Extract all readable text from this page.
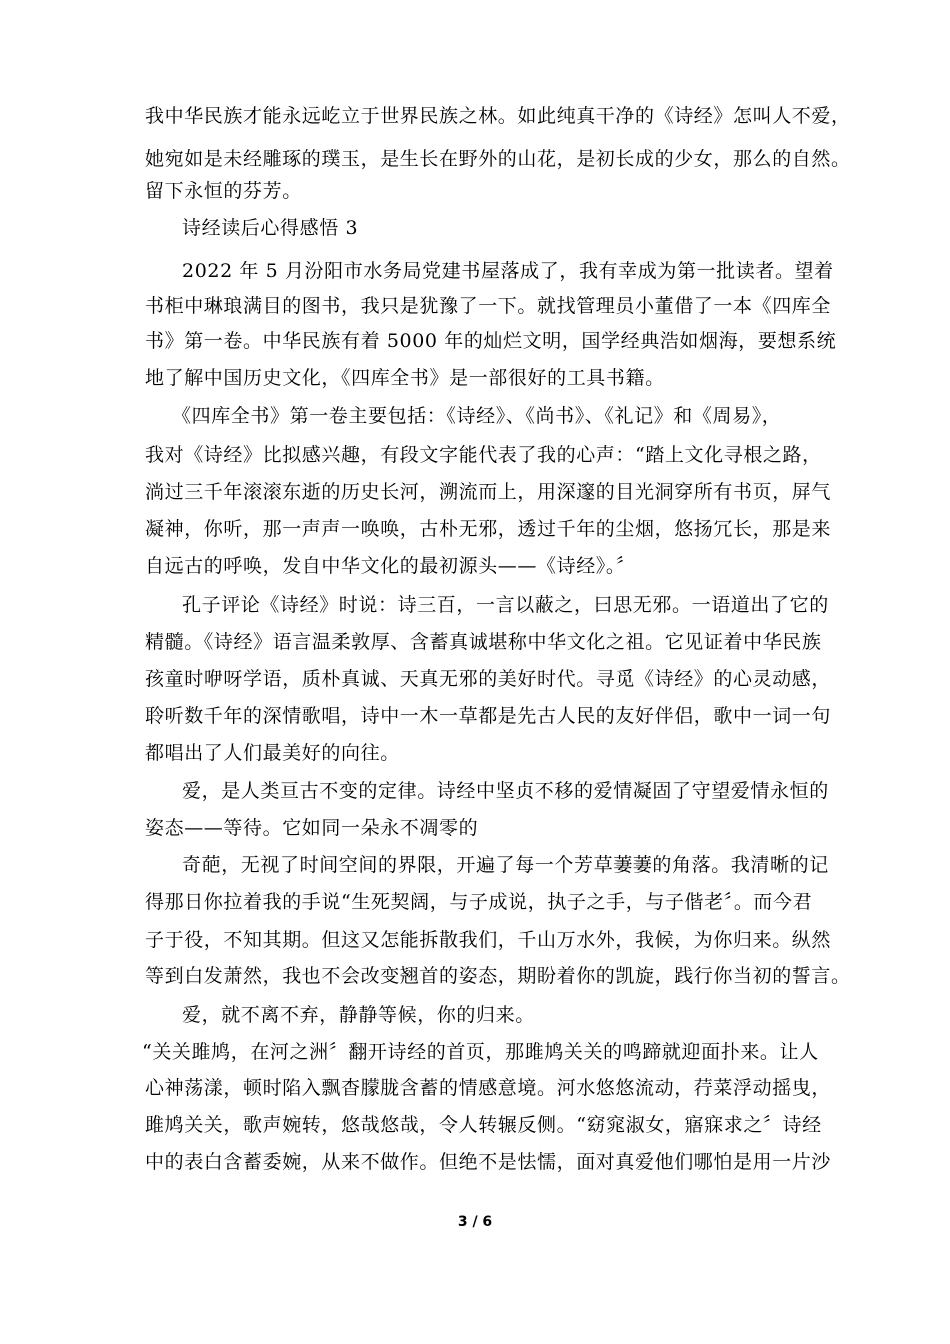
我中华民族才能永远屹立于世界民族之林。如此纯真干净的《诗经》怎叫人不爱，
她宛如是未经雕琢的璞玉，是生长在野外的山花，是初长成的少女，那么的自然。
留下永恒的芬芳。
诗经读后心得感悟 3
2022 年 5 月汾阳市水务局党建书屋落成了，我有幸成为第一批读者。望着
书柜中琳琅满目的图书，我只是犹豫了一下。就找管理员小董借了一本《四库全
书》第一卷。中华民族有着 5000 年的灿烂文明，国学经典浩如烟海，要想系统
地了解中国历史文化，《四库全书》是一部很好的工具书籍。
《四库全书》第一卷主要包括：《诗经》、《尚书》、《礼记》和《周易》，
我对《诗经》比拟感兴趣，有段文字能代表了我的心声：“踏上文化寻根之路，
淌过三千年滚滚东逝的历史长河，溯流而上，用深邃的目光洞穿所有书页，屏气
凝神，你听，那一声声一唤唤，古朴无邪，透过千年的尘烟，悠扬冗长，那是来
自远古的呼唤，发自中华文化的最初源头——《诗经》。〞
孔子评论《诗经》时说：诗三百，一言以蔽之，曰思无邪。一语道出了它的
精髓。《诗经》语言温柔敦厚、含蓄真诚堪称中华文化之祖。它见证着中华民族
孩童时咿呀学语，质朴真诚、天真无邪的美好时代。寻觅《诗经》的心灵动感，
聆听数千年的深情歌唱，诗中一木一草都是先古人民的友好伴侣，歌中一词一句
都唱出了人们最美好的向往。
爱，是人类亘古不变的定律。诗经中坚贞不移的爱情凝固了守望爱情永恒的
姿态——等待。它如同一朵永不凋零的
奇葩，无视了时间空间的界限，开遍了每一个芳草萋萋的角落。我清晰的记
得那日你拉着我的手说“生死契阔，与子成说，执子之手，与子偕老〞。而今君
子于役，不知其期。但这又怎能拆散我们，千山万水外，我候，为你归来。纵然
等到白发萧然，我也不会改变翘首的姿态，期盼着你的凯旋，践行你当初的誓言。
爱，就不离不弃，静静等候，你的归来。
“关关雎鸠，在河之洲〞翻开诗经的首页，那雎鸠关关的鸣蹄就迎面扑来。让人
心神荡漾，顿时陷入飘杳朦胧含蓄的情感意境。河水悠悠流动，荇菜浮动摇曳，
雎鸠关关，歌声婉转，悠哉悠哉，令人转辗反侧。“窈窕淑女，寤寐求之〞诗经
中的表白含蓄委婉，从来不做作。但绝不是怯懦，面对真爱他们哪怕是用一片沙
3 / 6
